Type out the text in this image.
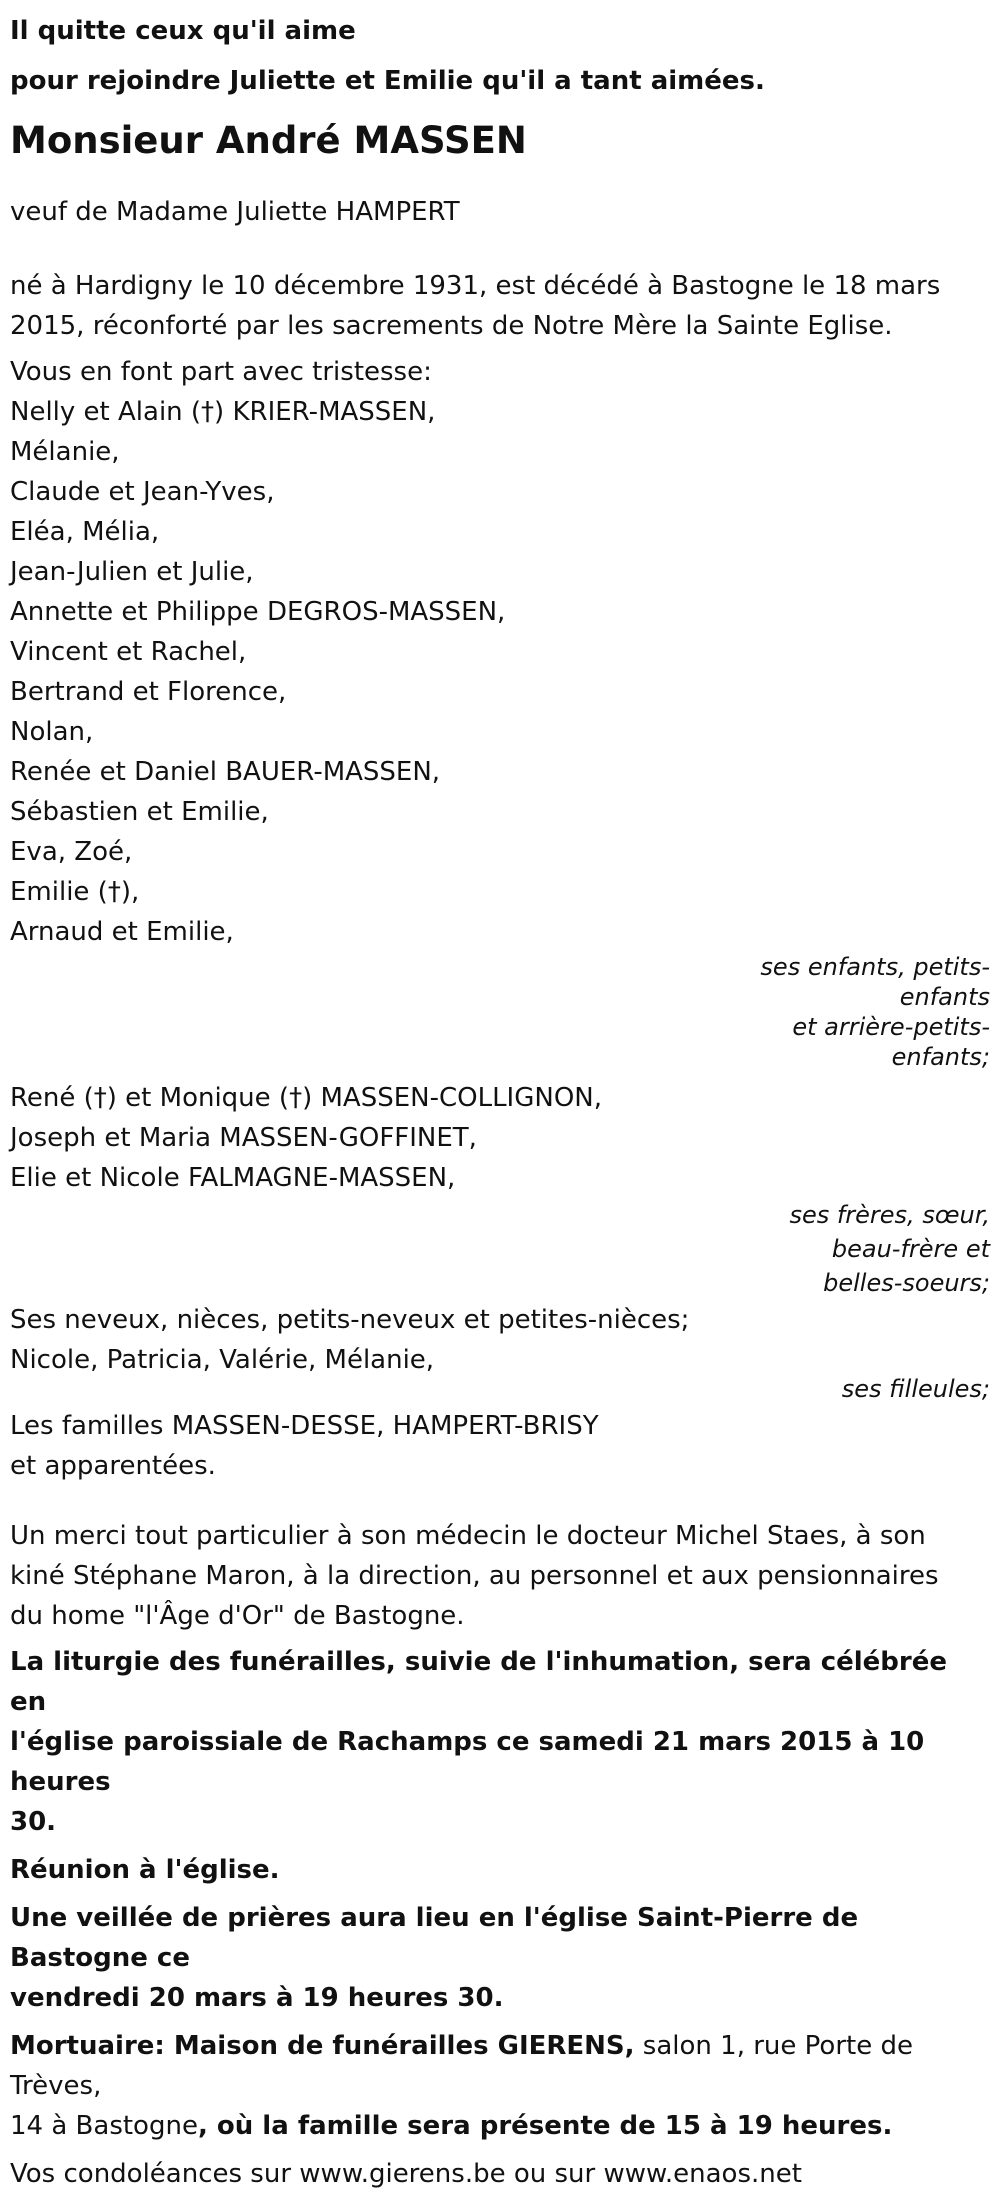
Il quitte ceux qu'il aime

pour rejoindre Juliette et Emilie qu'il a tant aimées.

Monsieur André MASSEN

veuf de Madame Juliette HAMPERT

né à Hardigny le 10 décembre 1931, est décédé à Bastogne le 18 mars

2015, réconforté par les sacrements de Notre Mère la Sainte Eglise.

Vous en font part avec tristesse:

Nelly et Alain (†) KRIER-MASSEN,

Mélanie,

Claude et Jean-Yves,

Eléa, Mélia,

Jean-Julien et Julie,

Annette et Philippe DEGROS-MASSEN,

Vincent et Rachel,

Bertrand et Florence,

Nolan,

Renée et Daniel BAUER-MASSEN,

Sébastien et Emilie,

Eva, Zoé,

Emilie (†),

Arnaud et Emilie,

ses enfants, petits-

enfants

et arrière-petits-

enfants;

René (†) et Monique (†) MASSEN-COLLIGNON,

Joseph et Maria MASSEN-GOFFINET,

Elie et Nicole FALMAGNE-MASSEN,

ses frères, sœur,

beau-frère et

belles-soeurs;

Ses neveux, nièces, petits-neveux et petites-nièces;

Nicole, Patricia, Valérie, Mélanie,

ses filleules;

Les familles MASSEN-DESSE, HAMPERT-BRISY

et apparentées.

Un merci tout particulier à son médecin le docteur Michel Staes, à son

kiné Stéphane Maron, à la direction, au personnel et aux pensionnaires

du home "l'Âge d'Or" de Bastogne.

La liturgie des funérailles, suivie de l'inhumation, sera célébrée en

l'église paroissiale de Rachamps ce samedi 21 mars 2015 à 10 heures

30.

Réunion à l'église.

Une veillée de prières aura lieu en l'église Saint-Pierre de Bastogne ce

vendredi 20 mars à 19 heures 30.

Mortuaire: Maison de funérailles GIERENS, salon 1, rue Porte de Trèves,

14 à Bastogne, où la famille sera présente de 15 à 19 heures.

Vos condoléances sur www.gierens.be ou sur www.enaos.net
